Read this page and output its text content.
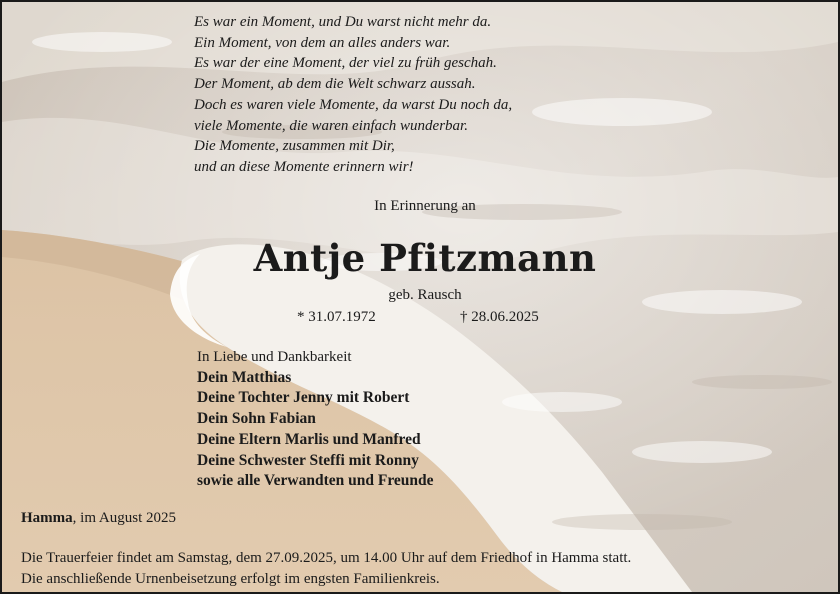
Es war ein Moment, und Du warst nicht mehr da.
Ein Moment, von dem an alles anders war.
Es war der eine Moment, der viel zu früh geschah.
Der Moment, ab dem die Welt schwarz aussah.
Doch es waren viele Momente, da warst Du noch da,
viele Momente, die waren einfach wunderbar.
Die Momente, zusammen mit Dir,
und an diese Momente erinnern wir!
In Erinnerung an
Antje Pfitzmann
geb. Rausch
* 31.07.1972	† 28.06.2025
In Liebe und Dankbarkeit
Dein Matthias
Deine Tochter Jenny mit Robert
Dein Sohn Fabian
Deine Eltern Marlis und Manfred
Deine Schwester Steffi mit Ronny
sowie alle Verwandten und Freunde
Hamma, im August 2025
Die Trauerfeier findet am Samstag, dem 27.09.2025, um 14.00 Uhr auf dem Friedhof in Hamma statt.
Die anschließende Urnenbeisetzung erfolgt im engsten Familienkreis.
